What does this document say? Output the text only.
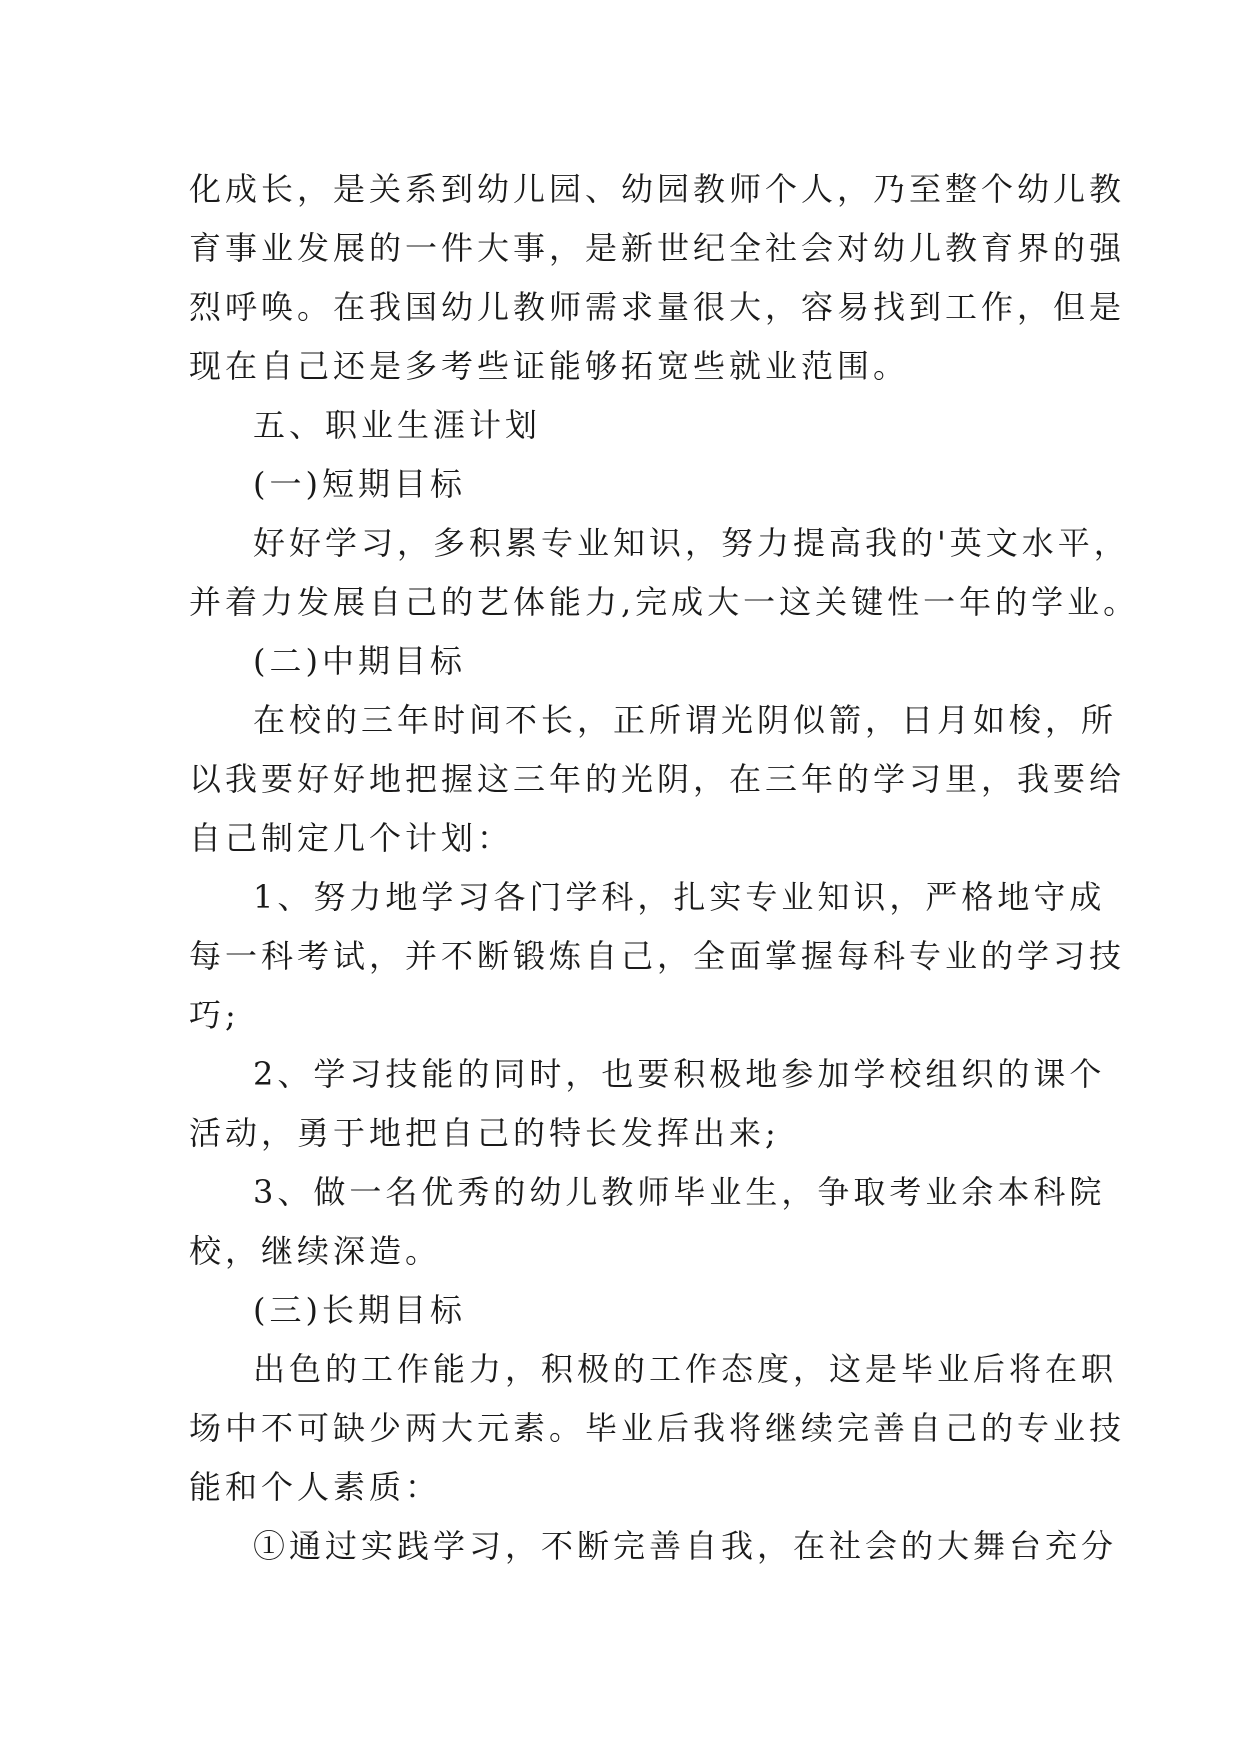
化成长，是关系到幼儿园、幼园教师个人，乃至整个幼儿教
育事业发展的一件大事，是新世纪全社会对幼儿教育界的强
烈呼唤。在我国幼儿教师需求量很大，容易找到工作，但是
现在自己还是多考些证能够拓宽些就业范围。
五、职业生涯计划
(一)短期目标
好好学习，多积累专业知识，努力提高我的'英文水平，
并着力发展自己的艺体能力,完成大一这关键性一年的学业。
(二)中期目标
在校的三年时间不长，正所谓光阴似箭，日月如梭，所
以我要好好地把握这三年的光阴，在三年的学习里，我要给
自己制定几个计划：
1、努力地学习各门学科，扎实专业知识，严格地守成
每一科考试，并不断锻炼自己，全面掌握每科专业的学习技
巧;
2、学习技能的同时，也要积极地参加学校组织的课个
活动，勇于地把自己的特长发挥出来;
3、做一名优秀的幼儿教师毕业生，争取考业余本科院
校，继续深造。
(三)长期目标
出色的工作能力，积极的工作态度，这是毕业后将在职
场中不可缺少两大元素。毕业后我将继续完善自己的专业技
能和个人素质：
①通过实践学习，不断完善自我，在社会的大舞台充分
